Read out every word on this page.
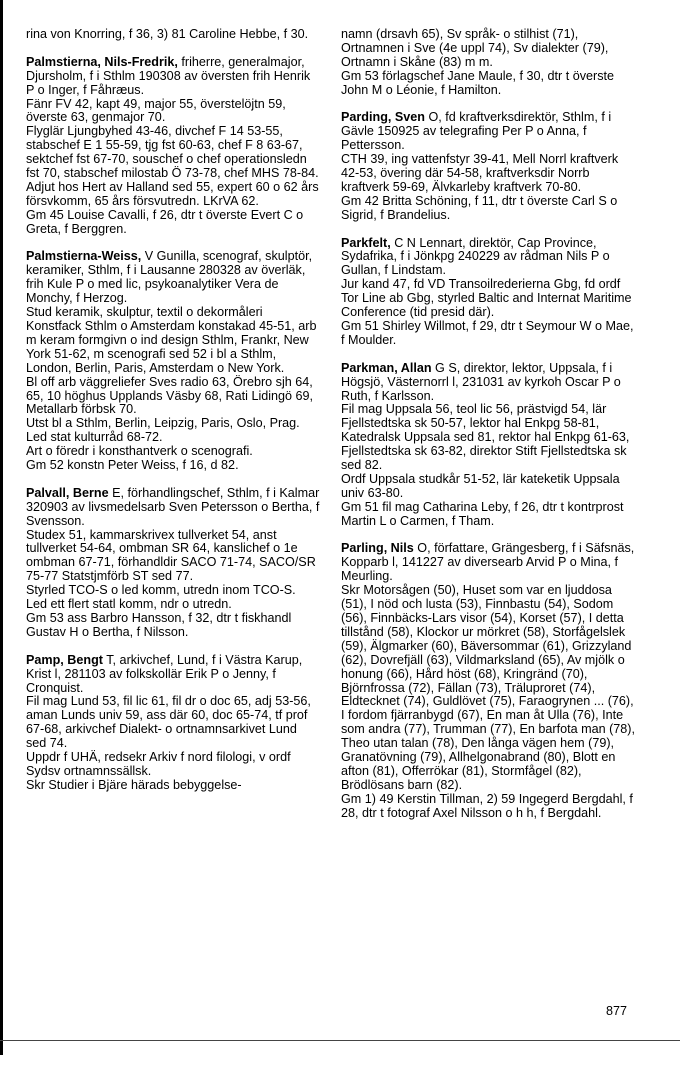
rina von Knorring, f 36, 3) 81 Caroline Hebbe, f 30.

Palmstierna, Nils-Fredrik, friherre, generalmajor, Djursholm, f i Sthlm 190308 av översten frih Henrik P o Inger, f Fåhræus.

Fänr FV 42, kapt 49, major 55, överstelöjtn 59, överste 63, genmajor 70.

Flyglär Ljungbyhed 43-46, divchef F 14 53-55, stabschef E 1 55-59, tjg fst 60-63, chef F 8 63-67, sektchef fst 67-70, souschef o chef operationsledn fst 70, stabschef milostab Ö 73-78, chef MHS 78-84.

Adjut hos Hert av Halland sed 55, expert 60 o 62 års försvkomm, 65 års försvutredn. LKrVA 62.

Gm 45 Louise Cavalli, f 26, dtr t överste Evert C o Greta, f Berggren.

Palmstierna-Weiss, V Gunilla, scenograf, skulptör, keramiker, Sthlm, f i Lausanne 280328 av överläk, frih Kule P o med lic, psykoanalytiker Vera de Monchy, f Herzog.

Stud keramik, skulptur, textil o dekormåleri Konstfack Sthlm o Amsterdam konstakad 45-51, arb m keram formgivn o ind design Sthlm, Frankr, New York 51-62, m scenografi sed 52 i bl a Sthlm, London, Berlin, Paris, Amsterdam o New York.

Bl off arb väggreliefer Sves radio 63, Örebro sjh 64, 65, 10 höghus Upplands Väsby 68, Rati Lidingö 69, Metallarb förbsk 70.

Utst bl a Sthlm, Berlin, Leipzig, Paris, Oslo, Prag.

Led stat kulturråd 68-72.

Art o föredr i konsthantverk o scenografi.

Gm 52 konstn Peter Weiss, f 16, d 82.

Palvall, Berne E, förhandlingschef, Sthlm, f i Kalmar 320903 av livsmedelsarb Sven Petersson o Bertha, f Svensson.

Studex 51, kammarskrivex tullverket 54, anst tullverket 54-64, ombman SR 64, kanslichef o 1e ombman 67-71, förhandldir SACO 71-74, SACO/SR 75-77 Statstjmförb ST sed 77.

Styrled TCO-S o led komm, utredn inom TCO-S.

Led ett flert statl komm, ndr o utredn.

Gm 53 ass Barbro Hansson, f 32, dtr t fiskhandl Gustav H o Bertha, f Nilsson.

Pamp, Bengt T, arkivchef, Lund, f i Västra Karup, Krist l, 281103 av folkskollär Erik P o Jenny, f Cronquist.

Fil mag Lund 53, fil lic 61, fil dr o doc 65, adj 53-56, aman Lunds univ 59, ass där 60, doc 65-74, tf prof 67-68, arkivchef Dialekt- o ortnamnsarkivet Lund sed 74.

Uppdr f UHÄ, redsekr Arkiv f nord filologi, v ordf Sydsv ortnamnssällsk.

Skr Studier i Bjäre härads bebyggelse-

namn (drsavh 65), Sv språk- o stilhist (71), Ortnamnen i Sve (4e uppl 74), Sv dialekter (79), Ortnamn i Skåne (83) m m.

Gm 53 förlagschef Jane Maule, f 30, dtr t överste John M o Léonie, f Hamilton.

Parding, Sven O, fd kraftverksdirektör, Sthlm, f i Gävle 150925 av telegrafing Per P o Anna, f Pettersson.

CTH 39, ing vattenfstyr 39-41, Mell Norrl kraftverk 42-53, övering där 54-58, kraftverksdir Norrb kraftverk 59-69, Älvkarleby kraftverk 70-80.

Gm 42 Britta Schöning, f 11, dtr t överste Carl S o Sigrid, f Brandelius.

Parkfelt, C N Lennart, direktör, Cap Province, Sydafrika, f i Jönkpg 240229 av rådman Nils P o Gullan, f Lindstam.

Jur kand 47, fd VD Transoilrederierna Gbg, fd ordf Tor Line ab Gbg, styrled Baltic and Internat Maritime Conference (tid presid där).

Gm 51 Shirley Willmot, f 29, dtr t Seymour W o Mae, f Moulder.

Parkman, Allan G S, direktor, lektor, Uppsala, f i Högsjö, Västernorrl l, 231031 av kyrkoh Oscar P o Ruth, f Karlsson.

Fil mag Uppsala 56, teol lic 56, prästvigd 54, lär Fjellstedtska sk 50-57, lektor hal Enkpg 58-81, Katedralsk Uppsala sed 81, rektor hal Enkpg 61-63, Fjellstedtska sk 63-82, direktor Stift Fjellstedtska sk sed 82.

Ordf Uppsala studkår 51-52, lär kateketik Uppsala univ 63-80.

Gm 51 fil mag Catharina Leby, f 26, dtr t kontrprost Martin L o Carmen, f Tham.

Parling, Nils O, författare, Grängesberg, f i Säfsnäs, Kopparb l, 141227 av diversearb Arvid P o Mina, f Meurling.

Skr Motorsågen (50), Huset som var en ljuddosa (51), I nöd och lusta (53), Finnbastu (54), Sodom (56), Finnbäcks-Lars visor (54), Korset (57), I detta tillstånd (58), Klockor ur mörkret (58), Storfågelslek (59), Älgmarker (60), Bäversommar (61), Grizzyland (62), Dovrefjäll (63), Vildmarksland (65), Av mjölk o honung (66), Hård höst (68), Kringränd (70), Björnfrossa (72), Fällan (73), Träluproret (74), Eldtecknet (74), Guldlövet (75), Faraogrynen ... (76), I fordom fjärranbygd (67), En man åt Ulla (76), Inte som andra (77), Trumman (77), En barfota man (78), Theo utan talan (78), Den långa vägen hem (79), Granatövning (79), Allhelgonabrand (80), Blott en afton (81), Offerrökar (81), Stormfågel (82), Brödlösans barn (82).

Gm 1) 49 Kerstin Tillman, 2) 59 Ingegerd Bergdahl, f 28, dtr t fotograf Axel Nilsson o h h, f Bergdahl.

877
